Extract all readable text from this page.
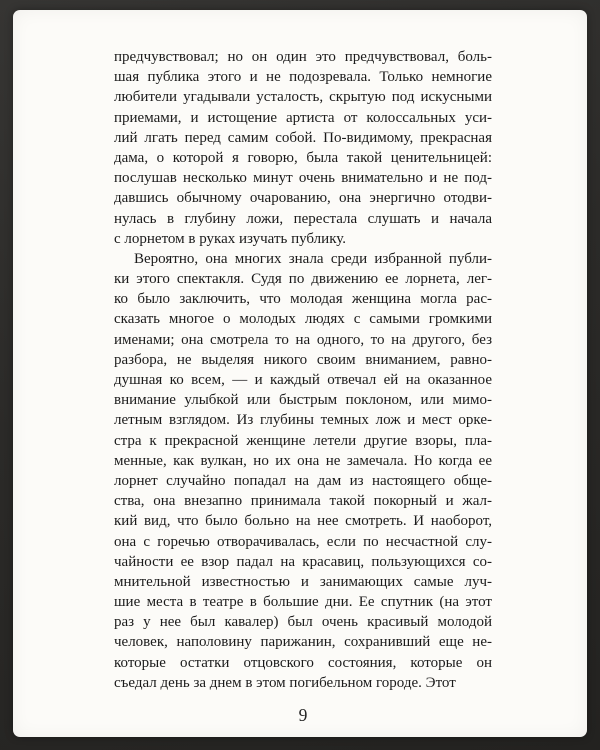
предчувствовал; но он один это предчувствовал, боль-
шая публика этого и не подозревала. Только немногие
любители угадывали усталость, скрытую под искусными
приемами, и истощение артиста от колоссальных уси-
лий лгать перед самим собой. По-видимому, прекрасная
дама, о которой я говорю, была такой ценительницей:
послушав несколько минут очень внимательно и не под-
давшись обычному очарованию, она энергично отодви-
нулась в глубину ложи, перестала слушать и начала
с лорнетом в руках изучать публику.
Вероятно, она многих знала среди избранной публи-
ки этого спектакля. Судя по движению ее лорнета, лег-
ко было заключить, что молодая женщина могла рас-
сказать многое о молодых людях с самыми громкими
именами; она смотрела то на одного, то на другого, без
разбора, не выделяя никого своим вниманием, равно-
душная ко всем, — и каждый отвечал ей на оказанное
внимание улыбкой или быстрым поклоном, или мимо-
летным взглядом. Из глубины темных лож и мест орке-
стра к прекрасной женщине летели другие взоры, пла-
менные, как вулкан, но их она не замечала. Но когда ее
лорнет случайно попадал на дам из настоящего обще-
ства, она внезапно принимала такой покорный и жал-
кий вид, что было больно на нее смотреть. И наоборот,
она с горечью отворачивалась, если по несчастной слу-
чайности ее взор падал на красавиц, пользующихся со-
мнительной известностью и занимающих самые луч-
шие места в театре в большие дни. Ее спутник (на этот
раз у нее был кавалер) был очень красивый молодой
человек, наполовину парижанин, сохранивший еще не-
которые остатки отцовского состояния, которые он
съедал день за днем в этом погибельном городе. Этот
9
